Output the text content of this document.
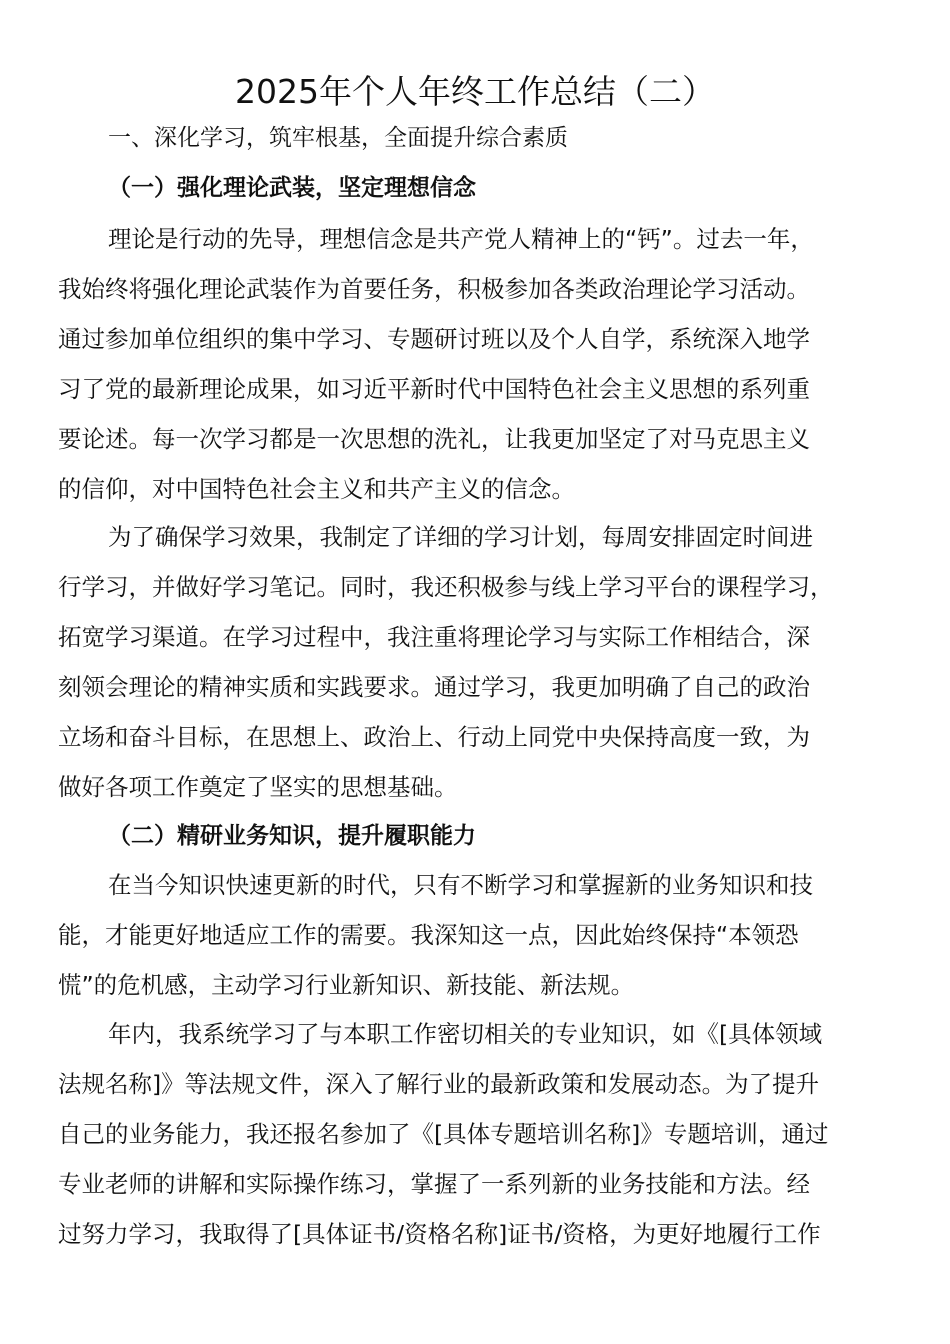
2025年个人年终工作总结（二）
一、深化学习，筑牢根基，全面提升综合素质
（一）强化理论武装，坚定理想信念
理论是行动的先导，理想信念是共产党人精神上的“钙”。过去一年，
我始终将强化理论武装作为首要任务，积极参加各类政治理论学习活动。
通过参加单位组织的集中学习、专题研讨班以及个人自学，系统深入地学
习了党的最新理论成果，如习近平新时代中国特色社会主义思想的系列重
要论述。每一次学习都是一次思想的洗礼，让我更加坚定了对马克思主义
的信仰，对中国特色社会主义和共产主义的信念。
为了确保学习效果，我制定了详细的学习计划，每周安排固定时间进
行学习，并做好学习笔记。同时，我还积极参与线上学习平台的课程学习，
拓宽学习渠道。在学习过程中，我注重将理论学习与实际工作相结合，深
刻领会理论的精神实质和实践要求。通过学习，我更加明确了自己的政治
立场和奋斗目标，在思想上、政治上、行动上同党中央保持高度一致，为
做好各项工作奠定了坚实的思想基础。
（二）精研业务知识，提升履职能力
在当今知识快速更新的时代，只有不断学习和掌握新的业务知识和技
能，才能更好地适应工作的需要。我深知这一点，因此始终保持“本领恐
慌”的危机感，主动学习行业新知识、新技能、新法规。
年内，我系统学习了与本职工作密切相关的专业知识，如《[具体领域
法规名称]》等法规文件，深入了解行业的最新政策和发展动态。为了提升
自己的业务能力，我还报名参加了《[具体专题培训名称]》专题培训，通过
专业老师的讲解和实际操作练习，掌握了一系列新的业务技能和方法。经
过努力学习，我取得了[具体证书/资格名称]证书/资格，为更好地履行工作
